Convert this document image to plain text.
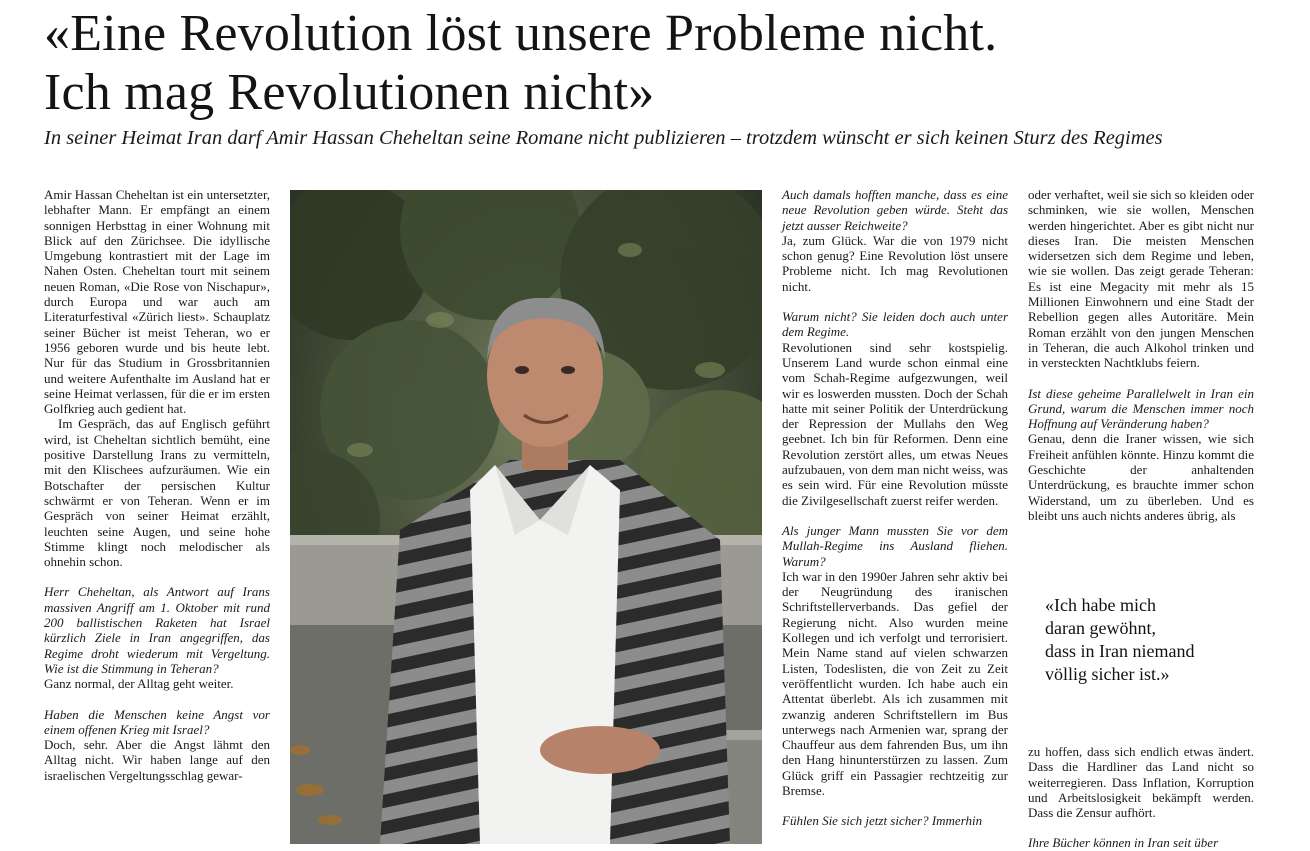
«Eine Revolution löst unsere Probleme nicht.
Ich mag Revolutionen nicht»

In seiner Heimat Iran darf Amir Hassan Cheheltan seine Romane nicht publizieren – trotzdem wünscht er sich keinen Sturz des Regimes

Amir Hassan Cheheltan ist ein untersetzter, lebhafter Mann. Er empfängt an einem sonnigen Herbsttag in einer Wohnung mit Blick auf den Zürichsee. Die idyllische Umgebung kontrastiert mit der Lage im Nahen Osten. Cheheltan tourt mit seinem neuen Roman, «Die Rose von Nischapur», durch Europa und war auch am Literaturfestival «Zürich liest». Schauplatz seiner Bücher ist meist Teheran, wo er 1956 geboren wurde und bis heute lebt. Nur für das Studium in Grossbritannien und weitere Aufenthalte im Ausland hat er seine Heimat verlassen, für die er im ersten Golfkrieg auch gedient hat.

Im Gespräch, das auf Englisch geführt wird, ist Cheheltan sichtlich bemüht, eine positive Darstellung Irans zu vermitteln, mit den Klischees aufzuräumen. Wie ein Botschafter der persischen Kultur schwärmt er von Teheran. Wenn er im Gespräch von seiner Heimat erzählt, leuchten seine Augen, und seine hohe Stimme klingt noch melodischer als ohnehin schon.

Herr Cheheltan, als Antwort auf Irans massiven Angriff am 1. Oktober mit rund 200 ballistischen Raketen hat Israel kürzlich Ziele in Iran angegriffen, das Regime droht wiederum mit Vergeltung. Wie ist die Stimmung in Teheran?

Ganz normal, der Alltag geht weiter.

Haben die Menschen keine Angst vor einem offenen Krieg mit Israel?

Doch, sehr. Aber die Angst lähmt den Alltag nicht. Wir haben lange auf den israelischen Vergeltungsschlag gewar-

Auch damals hofften manche, dass es eine neue Revolution geben würde. Steht das jetzt ausser Reichweite?

Ja, zum Glück. War die von 1979 nicht schon genug? Eine Revolution löst unsere Probleme nicht. Ich mag Revolutionen nicht.

Warum nicht? Sie leiden doch auch unter dem Regime.

Revolutionen sind sehr kostspielig. Unserem Land wurde schon einmal eine vom Schah-Regime aufgezwungen, weil wir es loswerden mussten. Doch der Schah hatte mit seiner Politik der Unterdrückung der Repression der Mullahs den Weg geebnet. Ich bin für Reformen. Denn eine Revolution zerstört alles, um etwas Neues aufzubauen, von dem man nicht weiss, was es sein wird. Für eine Revolution müsste die Zivilgesellschaft zuerst reifer werden.

Als junger Mann mussten Sie vor dem Mullah-Regime ins Ausland fliehen. Warum?

Ich war in den 1990er Jahren sehr aktiv bei der Neugründung des iranischen Schriftstellerverbands. Das gefiel der Regierung nicht. Also wurden meine Kollegen und ich verfolgt und terrorisiert. Mein Name stand auf vielen schwarzen Listen, Todeslisten, die von Zeit zu Zeit veröffentlicht wurden. Ich habe auch ein Attentat überlebt. Als ich zusammen mit zwanzig anderen Schriftstellern im Bus unterwegs nach Armenien war, sprang der Chauffeur aus dem fahrenden Bus, um ihn den Hang hinunterstürzen zu lassen. Zum Glück griff ein Passagier rechtzeitig zur Bremse.

Fühlen Sie sich jetzt sicher? Immerhin

oder verhaftet, weil sie sich so kleiden oder schminken, wie sie wollen, Menschen werden hingerichtet. Aber es gibt nicht nur dieses Iran. Die meisten Menschen widersetzen sich dem Regime und leben, wie sie wollen. Das zeigt gerade Teheran: Es ist eine Megacity mit mehr als 15 Millionen Einwohnern und eine Stadt der Rebellion gegen alles Autoritäre. Mein Roman erzählt von den jungen Menschen in Teheran, die auch Alkohol trinken und in versteckten Nachtklubs feiern.

Ist diese geheime Parallelwelt in Iran ein Grund, warum die Menschen immer noch Hoffnung auf Veränderung haben?

Genau, denn die Iraner wissen, wie sich Freiheit anfühlen könnte. Hinzu kommt die Geschichte der anhaltenden Unterdrückung, es brauchte immer schon Widerstand, um zu überleben. Und es bleibt uns auch nichts anderes übrig, als

«Ich habe mich
daran gewöhnt,
dass in Iran niemand
völlig sicher ist.»

zu hoffen, dass sich endlich etwas ändert. Dass die Hardliner das Land nicht so weiterregieren. Dass Inflation, Korruption und Arbeitslosigkeit bekämpft werden. Dass die Zensur aufhört.

Ihre Bücher können in Iran seit über
